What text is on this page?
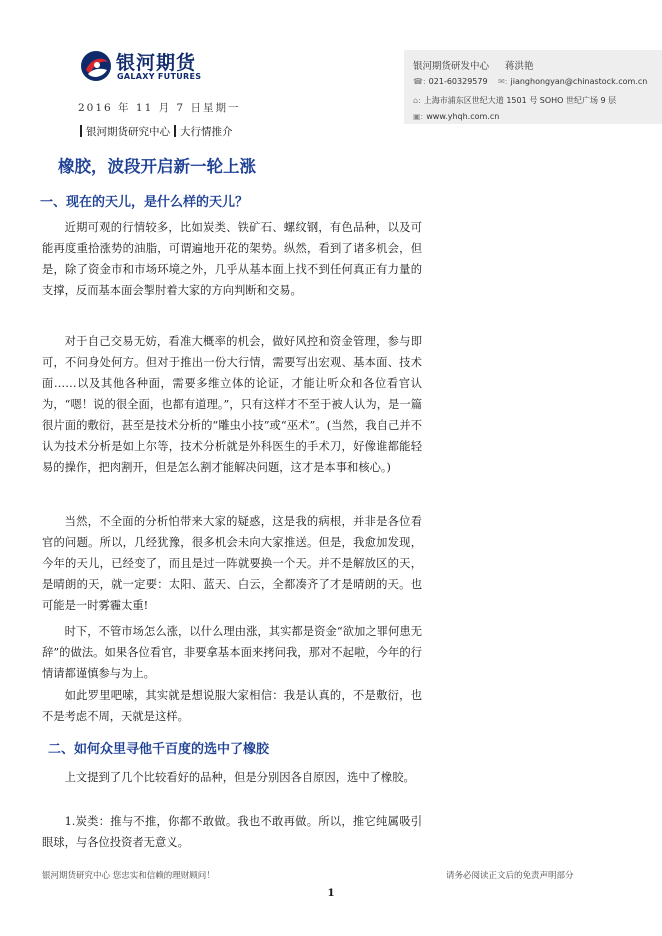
银河期货
GALAXY FUTURES
银河期货研发中心 蒋洪艳
☎: 021-60329579 ✉: jianghongyan@chinastock.com.cn
⌂: 上海市浦东区世纪大道 1501 号 SOHO 世纪广场 9 层
▣: www.yhqh.com.cn
2016 年 11 月 7 日星期一
银河期货研究中心 大行情推介
橡胶，波段开启新一轮上涨
一、现在的天儿，是什么样的天儿？

近期可观的行情较多，比如炭类、铁矿石、螺纹钢，有色品种，以及可能再度重拾涨势的油脂，可谓遍地开花的架势。纵然，看到了诸多机会，但是，除了资金市和市场环境之外，几乎从基本面上找不到任何真正有力量的支撑，反而基本面会掣肘着大家的方向判断和交易。

对于自己交易无妨，看准大概率的机会，做好风控和资金管理，参与即可，不问身处何方。但对于推出一份大行情，需要写出宏观、基本面、技术面……以及其他各种面，需要多维立体的论证，才能让听众和各位看官认为，“嗯！说的很全面，也都有道理。”，只有这样才不至于被人认为，是一篇很片面的敷衍，甚至是技术分析的“雕虫小技”或“巫术”。(当然，我自己并不认为技术分析是如上尔等，技术分析就是外科医生的手术刀，好像谁都能轻易的操作，把肉割开，但是怎么割才能解决问题，这才是本事和核心。)

当然，不全面的分析怕带来大家的疑惑，这是我的病根，并非是各位看官的问题。所以，几经犹豫，很多机会未向大家推送。但是，我愈加发现，今年的天儿，已经变了，而且是过一阵就要换一个天。并不是解放区的天，是晴朗的天，就一定要：太阳、蓝天、白云，全都凑齐了才是晴朗的天。也可能是一时雾霾太重!

时下，不管市场怎么涨，以什么理由涨，其实都是资金“欲加之罪何患无辞”的做法。如果各位看官，非要拿基本面来拷问我，那对不起啦，今年的行情请都谨慎参与为上。

如此罗里吧嗦，其实就是想说服大家相信：我是认真的，不是敷衍，也不是考虑不周，天就是这样。

二、如何众里寻他千百度的选中了橡胶

上文提到了几个比较看好的品种，但是分别因各自原因，选中了橡胶。

1.炭类：推与不推，你都不敢做。我也不敢再做。所以，推它纯属吸引眼球，与各位投资者无意义。

银河期货研究中心 您忠实和信赖的理财顾问！	请务必阅读正文后的免责声明部分
1
